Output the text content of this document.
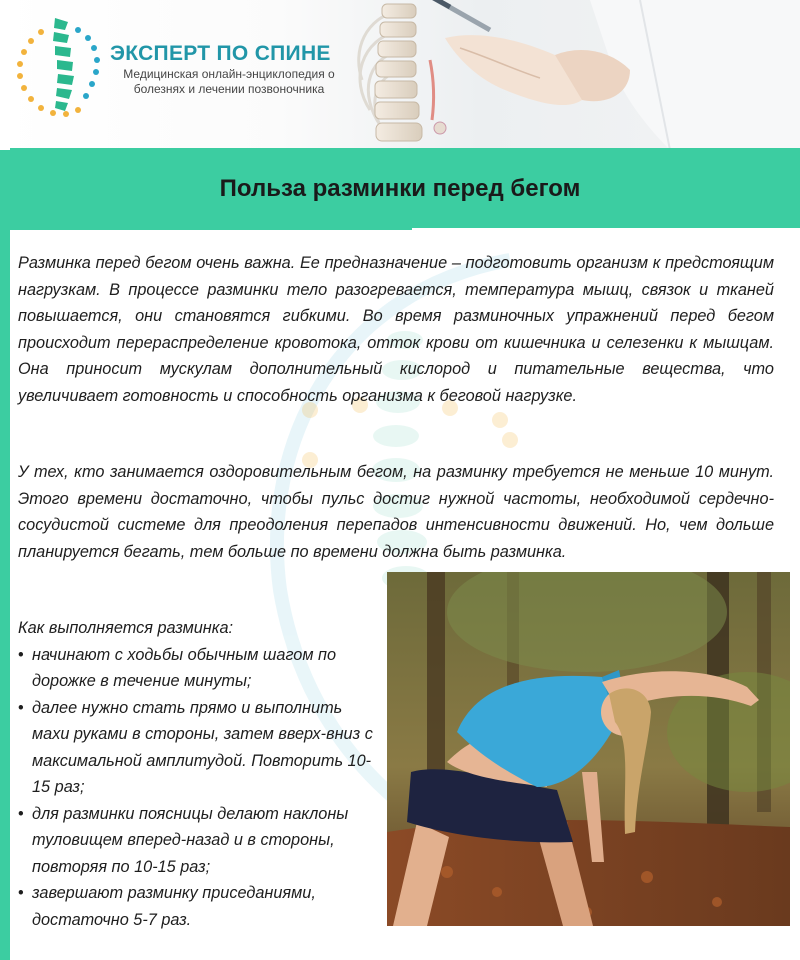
ЭКСПЕРТ ПО СПИНЕ
Медицинская онлайн-энциклопедия о болезнях и лечении позвоночника
Польза разминки перед бегом

Разминка перед бегом очень важна. Ее предназначение – подготовить организм к предстоящим нагрузкам. В процессе разминки тело разогревается, температура мышц, связок и тканей повышается, они становятся гибкими. Во время разминочных упражнений перед бегом происходит перераспределение кровотока, отток крови от кишечника и селезенки к мышцам. Она приносит мускулам дополнительный кислород и питательные вещества, что увеличивает готовность и способность организма к беговой нагрузке.

У тех, кто занимается оздоровительным бегом, на разминку требуется не меньше 10 минут. Этого времени достаточно, чтобы пульс достиг нужной частоты, необходимой сердечно-сосудистой системе для преодоления перепадов интенсивности движений. Но, чем дольше планируется бегать, тем больше по времени должна быть разминка.

Как выполняется разминка:
• начинают с ходьбы обычным шагом по дорожке в течение минуты;
• далее нужно стать прямо и выполнить махи руками в стороны, затем вверх-вниз с максимальной амплитудой. Повторить 10-15 раз;
• для разминки поясницы делают наклоны туловищем вперед-назад и в стороны, повторяя по 10-15 раз;
• завершают разминку приседаниями, достаточно 5-7 раз.
